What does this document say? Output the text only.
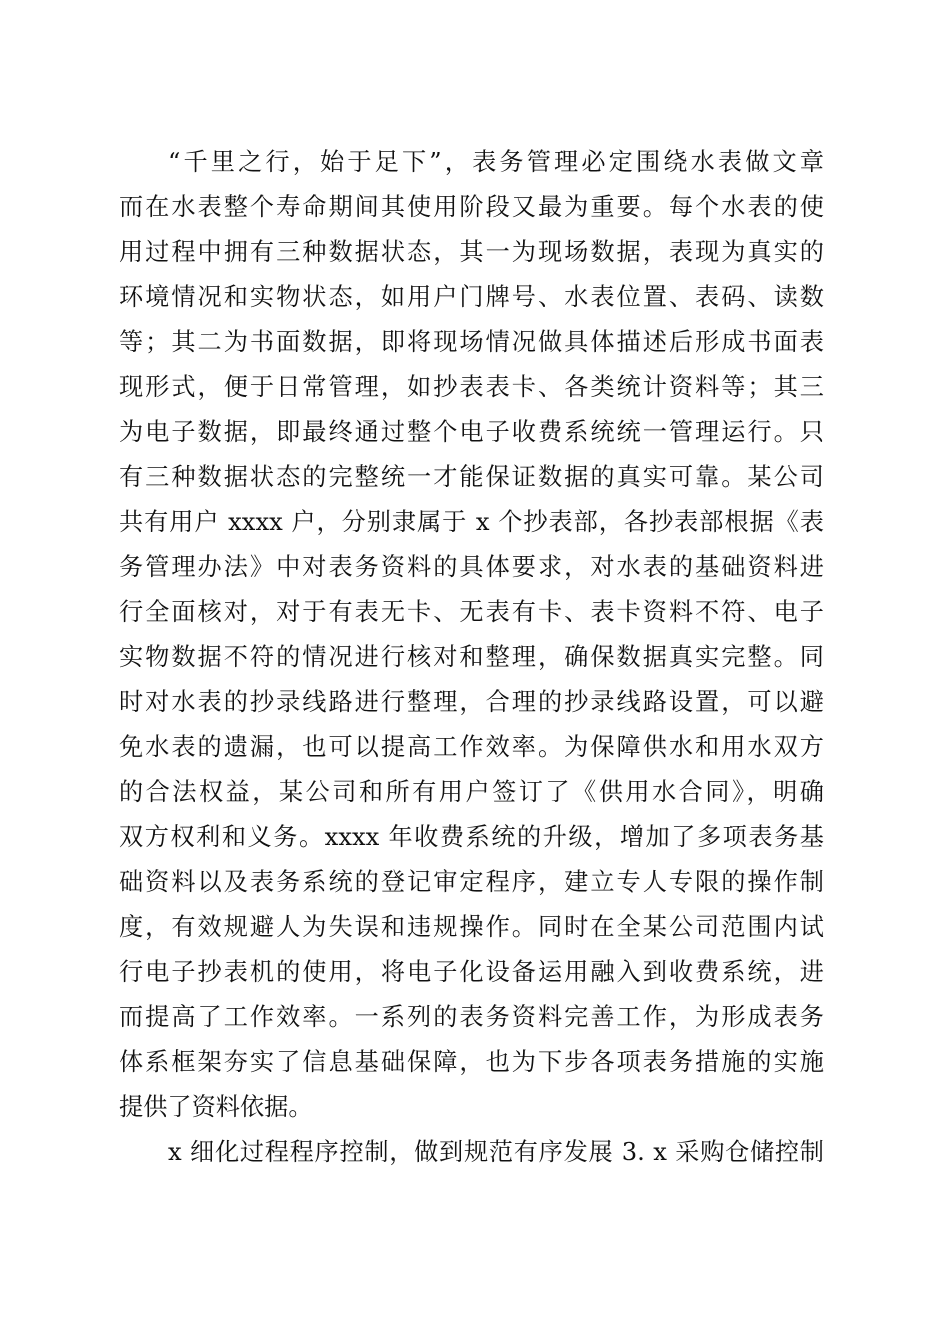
“千里之行，始于足下”，表务管理必定围绕水表做文章
而在水表整个寿命期间其使用阶段又最为重要。每个水表的使
用过程中拥有三种数据状态，其一为现场数据，表现为真实的
环境情况和实物状态，如用户门牌号、水表位置、表码、读数
等；其二为书面数据，即将现场情况做具体描述后形成书面表
现形式，便于日常管理，如抄表表卡、各类统计资料等；其三
为电子数据，即最终通过整个电子收费系统统一管理运行。只
有三种数据状态的完整统一才能保证数据的真实可靠。某公司
共有用户 xxxx 户，分别隶属于 x 个抄表部，各抄表部根据《表
务管理办法》中对表务资料的具体要求，对水表的基础资料进
行全面核对，对于有表无卡、无表有卡、表卡资料不符、电子
实物数据不符的情况进行核对和整理，确保数据真实完整。同
时对水表的抄录线路进行整理，合理的抄录线路设置，可以避
免水表的遗漏，也可以提高工作效率。为保障供水和用水双方
的合法权益，某公司和所有用户签订了《供用水合同》，明确
双方权利和义务。xxxx 年收费系统的升级，增加了多项表务基
础资料以及表务系统的登记审定程序，建立专人专限的操作制
度，有效规避人为失误和违规操作。同时在全某公司范围内试
行电子抄表机的使用，将电子化设备运用融入到收费系统，进
而提高了工作效率。一系列的表务资料完善工作，为形成表务
体系框架夯实了信息基础保障，也为下步各项表务措施的实施
提供了资料依据。
x 细化过程程序控制，做到规范有序发展 3. x 采购仓储控制
